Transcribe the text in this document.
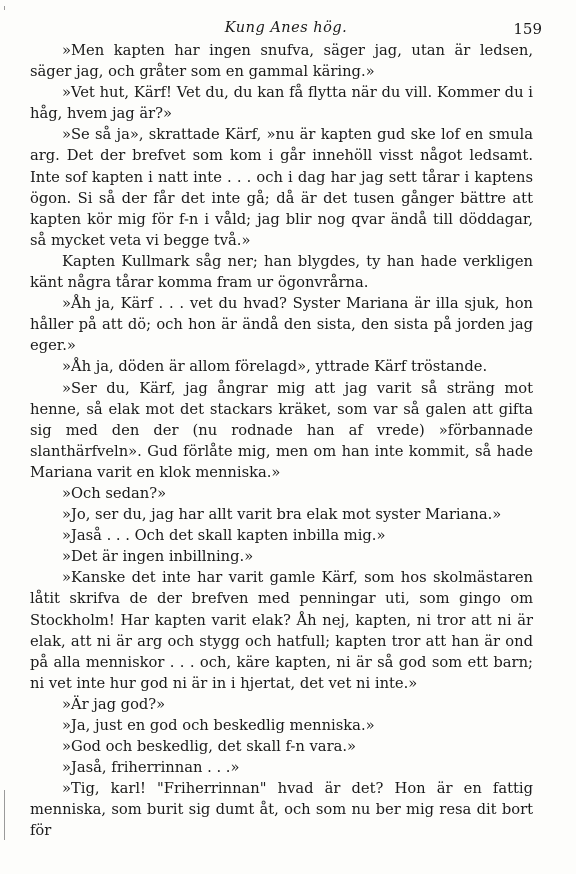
Kung Anes hög.	159

»Men kapten har ingen snufva, säger jag, utan är ledsen, säger jag, och gråter som en gammal käring.»

»Vet hut, Kärf! Vet du, du kan få flytta när du vill. Kommer du i håg, hvem jag är?»

»Se så ja», skrattade Kärf, »nu är kapten gud ske lof en smula arg. Det der brefvet som kom i går innehöll visst något ledsamt. Inte sof kapten i natt inte . . . och i dag har jag sett tårar i kaptens ögon. Si så der får det inte gå; då är det tusen gånger bättre att kapten kör mig för f-n i våld; jag blir nog qvar ändå till döddagar, så mycket veta vi begge två.»

Kapten Kullmark såg ner; han blygdes, ty han hade verkligen känt några tårar komma fram ur ögonvrårna.

»Åh ja, Kärf . . . vet du hvad? Syster Mariana är illa sjuk, hon håller på att dö; och hon är ändå den sista, den sista på jorden jag eger.»

»Åh ja, döden är allom förelagd», yttrade Kärf tröstande.

»Ser du, Kärf, jag ångrar mig att jag varit så sträng mot henne, så elak mot det stackars kräket, som var så galen att gifta sig med den der (nu rodnade han af vrede) »förbannade slanthärfveln». Gud förlåte mig, men om han inte kommit, så hade Mariana varit en klok menniska.»

»Och sedan?»

»Jo, ser du, jag har allt varit bra elak mot syster Mariana.»

»Jaså . . . Och det skall kapten inbilla mig.»

»Det är ingen inbillning.»

»Kanske det inte har varit gamle Kärf, som hos skolmästaren låtit skrifva de der brefven med penningar uti, som gingo om Stockholm! Har kapten varit elak? Åh nej, kapten, ni tror att ni är elak, att ni är arg och stygg och hatfull; kapten tror att han är ond på alla menniskor . . . och, käre kapten, ni är så god som ett barn; ni vet inte hur god ni är in i hjertat, det vet ni inte.»

»Är jag god?»

»Ja, just en god och beskedlig menniska.»

»God och beskedlig, det skall f-n vara.»

»Jaså, friherrinnan . . .»

»Tig, karl! "Friherrinnan" hvad är det? Hon är en fattig menniska, som burit sig dumt åt, och som nu ber mig resa dit bort för
